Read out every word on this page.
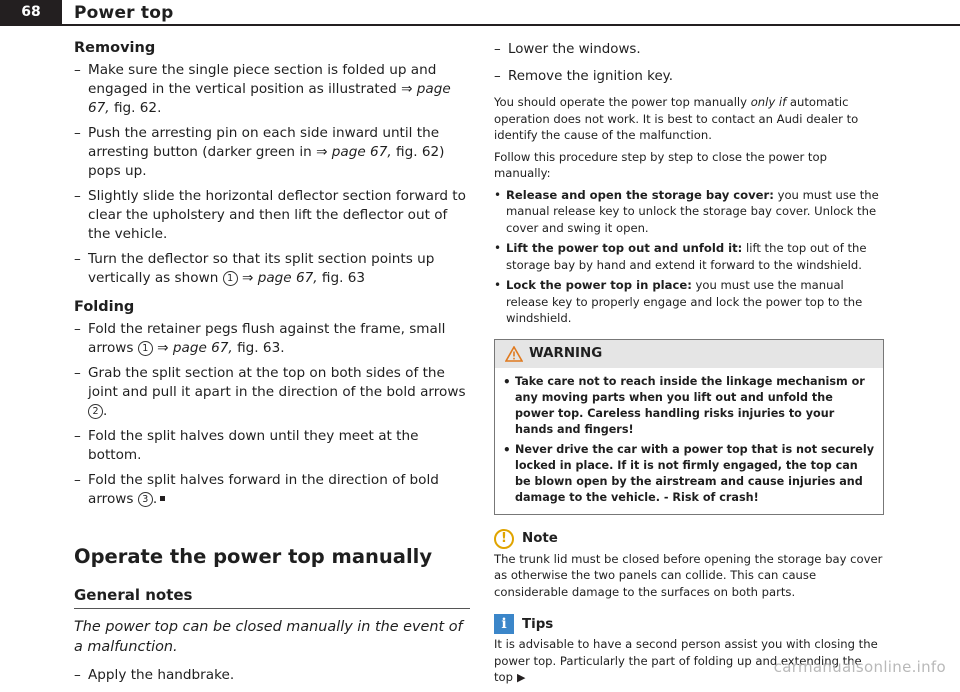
68	Power top
Removing
– Make sure the single piece section is folded up and engaged in the vertical position as illustrated ⇒ page 67, fig. 62.
– Push the arresting pin on each side inward until the arresting button (darker green in ⇒ page 67, fig. 62) pops up.
– Slightly slide the horizontal deflector section forward to clear the upholstery and then lift the deflector out of the vehicle.
– Turn the deflector so that its split section points up vertically as shown 1 ⇒ page 67, fig. 63
Folding
– Fold the retainer pegs flush against the frame, small arrows 1 ⇒ page 67, fig. 63.
– Grab the split section at the top on both sides of the joint and pull it apart in the direction of the bold arrows 2 .
– Fold the split halves down until they meet at the bottom.
– Fold the split halves forward in the direction of bold arrows 3 .
Operate the power top manually
General notes

The power top can be closed manually in the event of a malfunction.

– Apply the handbrake.
– Lower the windows.
– Remove the ignition key.

You should operate the power top manually only if automatic operation does not work. It is best to contact an Audi dealer to identify the cause of the malfunction.

Follow this procedure step by step to close the power top manually:

• Release and open the storage bay cover: you must use the manual release key to unlock the storage bay cover. Unlock the cover and swing it open.
• Lift the power top out and unfold it: lift the top out of the storage bay by hand and extend it forward to the windshield.
• Lock the power top in place: you must use the manual release key to properly engage and lock the power top to the windshield.
WARNING
• Take care not to reach inside the linkage mechanism or any moving parts when you lift out and unfold the power top. Careless handling risks injuries to your hands and fingers!
• Never drive the car with a power top that is not securely locked in place. If it is not firmly engaged, the top can be blown open by the airstream and cause injuries and damage to the vehicle. - Risk of crash!
!	Note

The trunk lid must be closed before opening the storage bay cover as otherwise the two panels can collide. This can cause considerable damage to the surfaces on both parts.

i	Tips

It is advisable to have a second person assist you with closing the power top. Particularly the part of folding up and extending the top ▶

carmanualsonline.info
